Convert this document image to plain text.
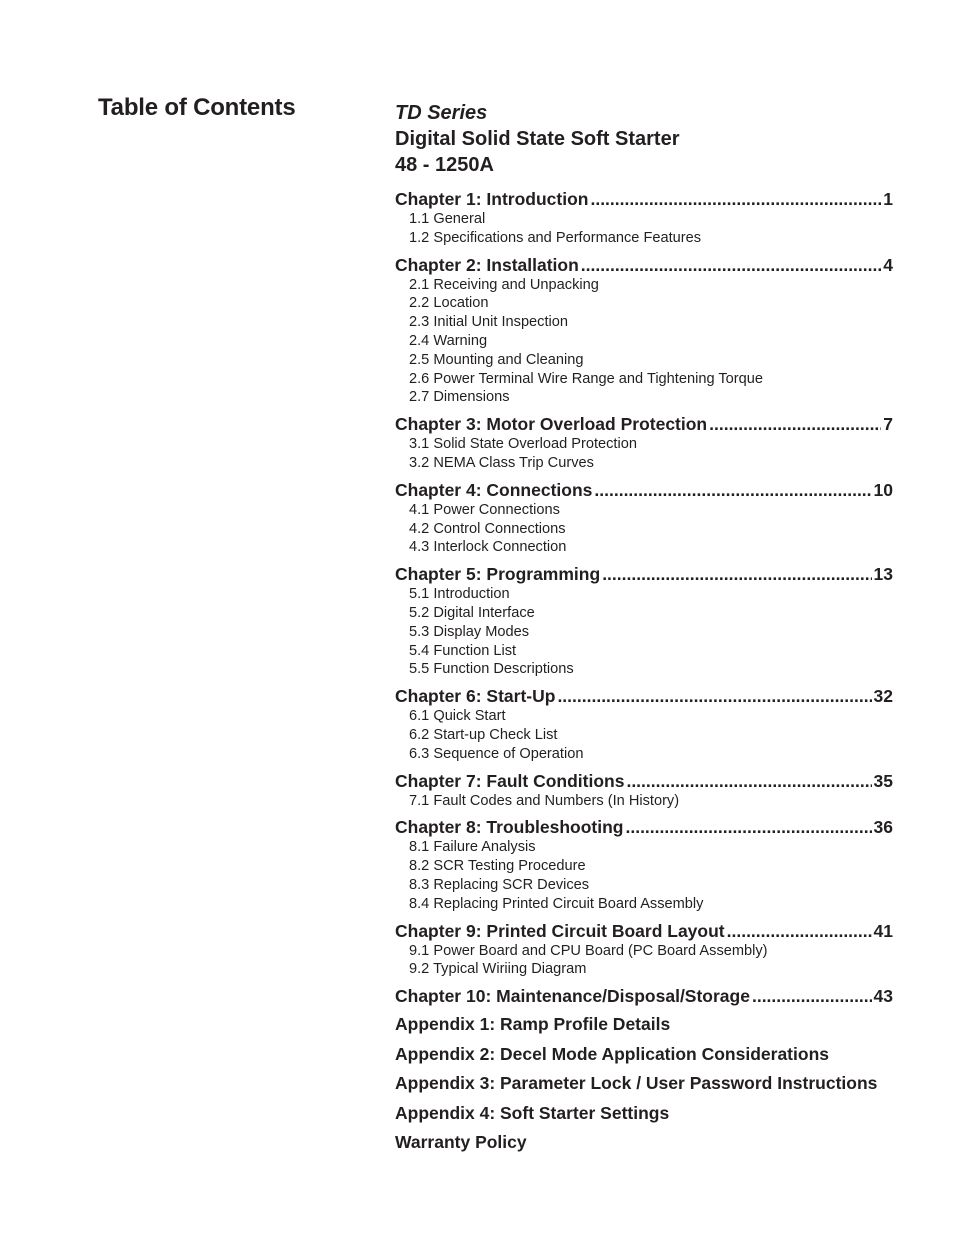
Table of Contents	TD Series
Digital Solid State Soft Starter
48 - 1250A
Chapter 1: Introduction .....	1
1.1 General
1.2 Specifications and Performance Features
Chapter 2: Installation .....	4
2.1 Receiving and Unpacking
2.2 Location
2.3 Initial Unit Inspection
2.4 Warning
2.5 Mounting and Cleaning
2.6 Power Terminal Wire Range and Tightening Torque
2.7 Dimensions
Chapter 3: Motor Overload Protection .....	7
3.1 Solid State Overload Protection
3.2 NEMA Class Trip Curves
Chapter 4: Connections .....	10
4.1 Power Connections
4.2 Control Connections
4.3 Interlock Connection
Chapter 5: Programming .....	13
5.1 Introduction
5.2 Digital Interface
5.3 Display Modes
5.4 Function List
5.5 Function Descriptions
Chapter 6: Start-Up .....	32
6.1 Quick Start
6.2 Start-up Check List
6.3 Sequence of Operation
Chapter 7: Fault Conditions .....	35
7.1 Fault Codes and Numbers (In History)
Chapter 8: Troubleshooting .....	36
8.1 Failure Analysis
8.2 SCR Testing Procedure
8.3 Replacing SCR Devices
8.4 Replacing Printed Circuit Board Assembly
Chapter 9: Printed Circuit Board Layout .....	41
9.1 Power Board and CPU Board (PC Board Assembly)
9.2 Typical Wiriing Diagram
Chapter 10: Maintenance/Disposal/Storage .....	43
Appendix 1: Ramp Profile Details
Appendix 2: Decel Mode Application Considerations
Appendix 3: Parameter Lock / User Password Instructions
Appendix 4: Soft Starter Settings
Warranty Policy
